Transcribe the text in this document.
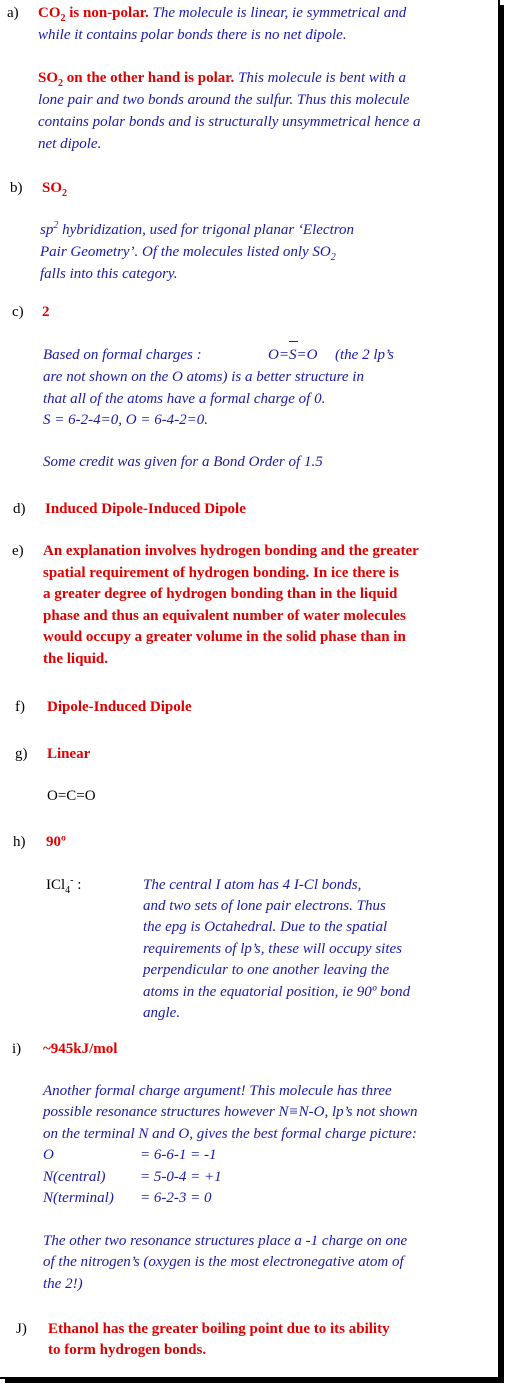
a) $CO_2$ is non-polar. The molecule is linear, ie symmetrical and
while it contains polar bonds there is no net dipole.
$SO_2$ on the other hand is polar. This molecule is bent with a
lone pair and two bonds around the sulfur. Thus this molecule
contains polar bonds and is structurally unsymmetrical hence a
net dipole.
b) $SO_2$
$sp^2$ hybridization, used for trigonal planar ‘Electron
Pair Geometry’. Of the molecules listed only $SO_2$
falls into this category.
c) 2
Based on formal charges :	O=S=O (the 2 lp’s
are not shown on the O atoms) is a better structure in
that all of the atoms have a formal charge of 0.
S = 6-2-4=0, O = 6-4-2=0.
Some credit was given for a Bond Order of 1.5
d) Induced Dipole-Induced Dipole
e) An explanation involves hydrogen bonding and the greater
spatial requirement of hydrogen bonding. In ice there is
a greater degree of hydrogen bonding than in the liquid
phase and thus an equivalent number of water molecules
would occupy a greater volume in the solid phase than in
the liquid.
f) Dipole-Induced Dipole
g) Linear
O=C=O
h) 90º
ICl$_4$- :	The central I atom has 4 I-Cl bonds,
and two sets of lone pair electrons. Thus
the epg is Octahedral. Due to the spatial
requirements of lp’s, these will occupy sites
perpendicular to one another leaving the
atoms in the equatorial position, ie 90º bond
angle.
i) ~945kJ/mol
Another formal charge argument! This molecule has three
possible resonance structures however N≡N-O, lp’s not shown
on the terminal N and O, gives the best formal charge picture:
O	= 6-6-1 = -1
N(central) = 5-0-4 = +1
N(terminal) = 6-2-3 = 0
The other two resonance structures place a -1 charge on one
of the nitrogen’s (oxygen is the most electronegative atom of
the 2!)
J) Ethanol has the greater boiling point due to its ability
to form hydrogen bonds.
